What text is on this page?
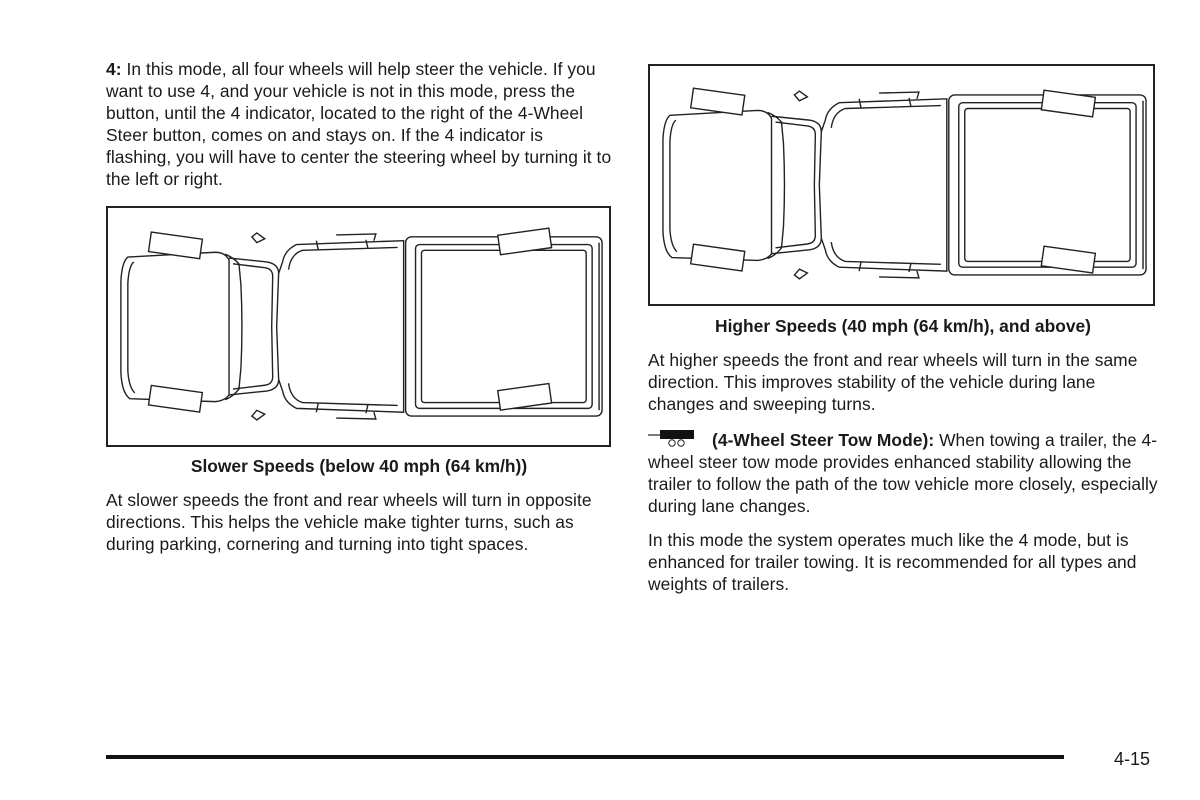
4: In this mode, all four wheels will help steer the vehicle. If you want to use 4, and your vehicle is not in this mode, press the button, until the 4 indicator, located to the right of the 4-Wheel Steer button, comes on and stays on. If the 4 indicator is flashing, you will have to center the steering wheel by turning it to the left or right.

Slower Speeds (below 40 mph (64 km/h))

At slower speeds the front and rear wheels will turn in opposite directions. This helps the vehicle make tighter turns, such as during parking, cornering and turning into tight spaces.

Higher Speeds (40 mph (64 km/h), and above)

At higher speeds the front and rear wheels will turn in the same direction. This improves stability of the vehicle during lane changes and sweeping turns.

(4-Wheel Steer Tow Mode): When towing a trailer, the 4-wheel steer tow mode provides enhanced stability allowing the trailer to follow the path of the tow vehicle more closely, especially during lane changes.

In this mode the system operates much like the 4 mode, but is enhanced for trailer towing. It is recommended for all types and weights of trailers.

4-15
